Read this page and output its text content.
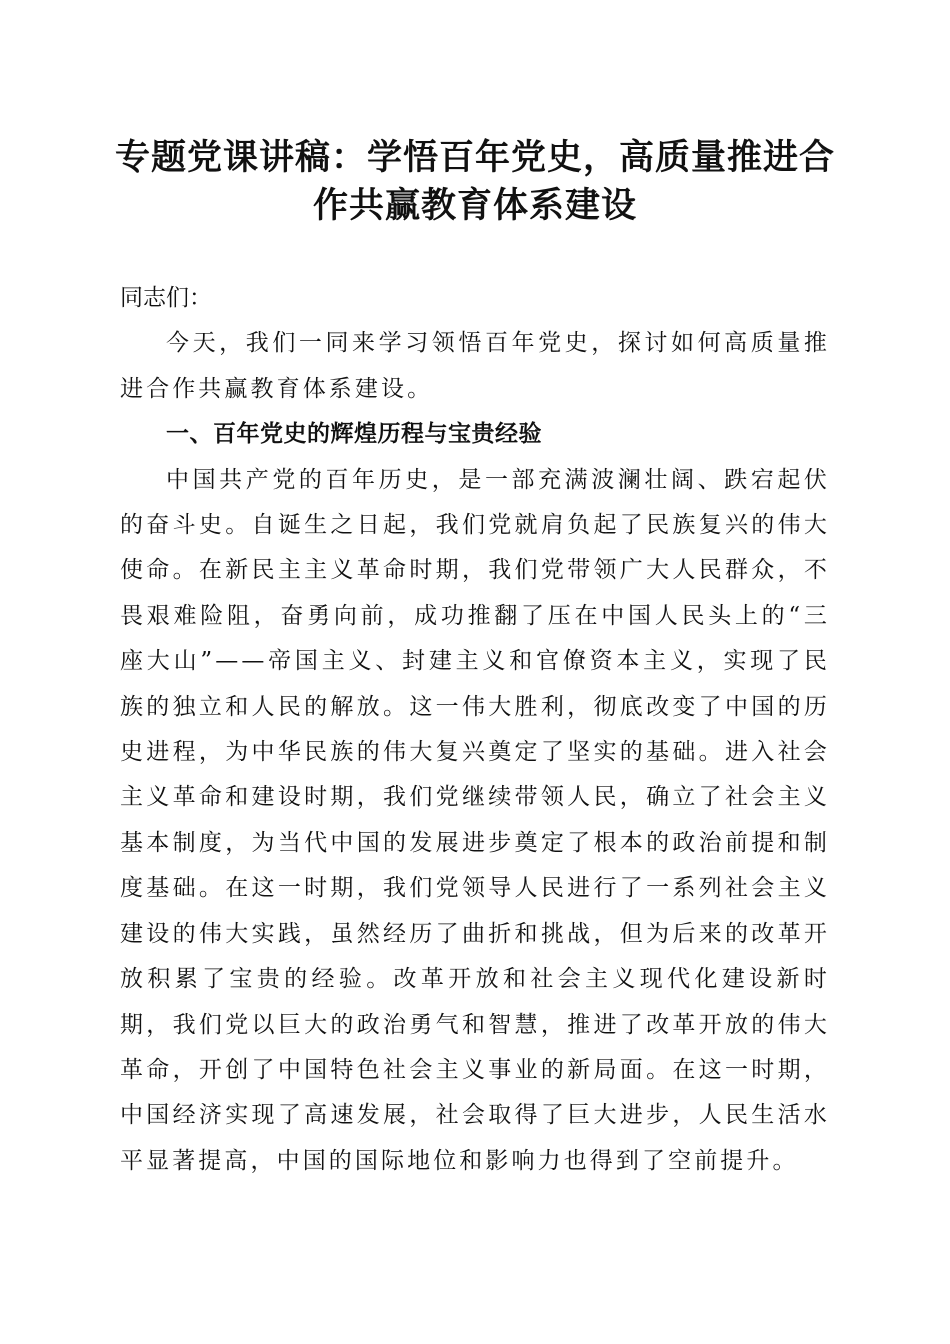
专题党课讲稿：学悟百年党史，高质量推进合
作共赢教育体系建设

同志们：

今天，我们一同来学习领悟百年党史，探讨如何高质量推进合作共赢教育体系建设。

一、百年党史的辉煌历程与宝贵经验

中国共产党的百年历史，是一部充满波澜壮阔、跌宕起伏的奋斗史。自诞生之日起，我们党就肩负起了民族复兴的伟大使命。在新民主主义革命时期，我们党带领广大人民群众，不畏艰难险阻，奋勇向前，成功推翻了压在中国人民头上的“三座大山”——帝国主义、封建主义和官僚资本主义，实现了民族的独立和人民的解放。这一伟大胜利，彻底改变了中国的历史进程，为中华民族的伟大复兴奠定了坚实的基础。进入社会主义革命和建设时期，我们党继续带领人民，确立了社会主义基本制度，为当代中国的发展进步奠定了根本的政治前提和制度基础。在这一时期，我们党领导人民进行了一系列社会主义建设的伟大实践，虽然经历了曲折和挑战，但为后来的改革开放积累了宝贵的经验。改革开放和社会主义现代化建设新时期，我们党以巨大的政治勇气和智慧，推进了改革开放的伟大革命，开创了中国特色社会主义事业的新局面。在这一时期，中国经济实现了高速发展，社会取得了巨大进步，人民生活水平显著提高，中国的国际地位和影响力也得到了空前提升。
